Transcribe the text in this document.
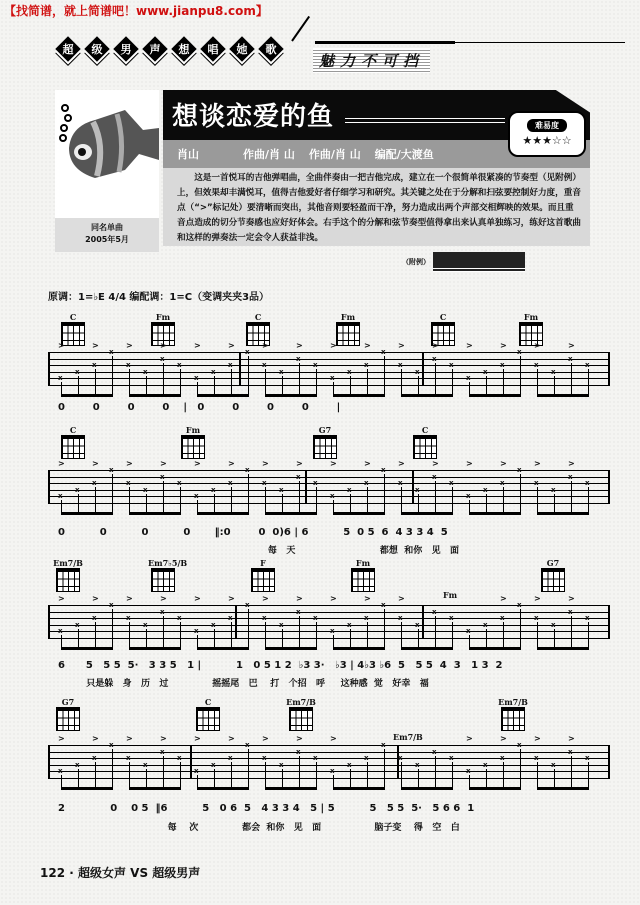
【找简谱，就上简谱吧！www.jianpu8.com】
超	级	男	声	想	唱	她	歌
魅力不可挡
同名单曲
2005年5月
想谈恋爱的鱼
肖山	作曲/肖 山 作曲/肖 山 编配/大渡鱼
难易度
★★★☆☆
这是一首悦耳的吉他弹唱曲，全曲伴奏由一把吉他完成，建立在一个很简单很紧凑的节奏型（见附例）上，但效果却丰满悦耳，值得吉他爱好者仔细学习和研究。其关键之处在于分解和扫弦要控制好力度，重音点（“>”标记处）要清晰而突出，其他音则要轻盈而干净，努力造成出两个声部交相辉映的效果。而且重音点造成的切分节奏感也应好好体会。右手这个的分解和弦节奏型值得拿出来认真单独练习，练好这首歌曲和这样的弹奏法一定会令人获益非浅。
（附例）
原调：1=♭E 4/4 编配调：1=C（变调夹夹3品）
C	Fm	C	Fm	C	Fm
x
>
x
x
>
x
x
>
x
x
>
x
x
>
x
x
>
x
x
>
x
x
>
x
x
>
x
x
>
x
x
>
x
x
>
x
x
>
x
x
>
x
x
>
x
x
>
x
0        0        0        0    |   0        0        0        0        |
C	Fm	G7	C
x
>
x
x
>
x
x
>
x
x
>
x
x
>
x
x
>
x
x
>
x
x
>
x
x
>
x
x
>
x
x
>
x
x
>
x
x
>
x
x
>
x
x
>
x
x
>
x
0          0          0          0       ‖:0        0  0)6 | 6          5  0 5  6  4 3 3 4  5
每   天                           都想  和你   见   面
Em7/B	Em7♭5/B	F	Fm	G7
Fm
x
>
x
x
>
x
x
>
x
x
>
x
x
>
x
x
>
x
x
>
x
x
>
x
x
>
x
x
>
x
x
>
x
x
x
x
x
x
>
x
x
>
x
x
>
x
6      5   5 5  5·   3 3 5   1 |          1   0 5 1 2  ♭3 3·   ♭3 | 4♭3 ♭6  5   5 5  4  3   1 3  2
只是躲   身   历   过              摇摇尾   巴    打   个招   呼     这种感  觉   好幸   福
G7	C	Em7/B	Em7/B
Em7/B
x
>
x
x
>
x
x
>
x
x
>
x
x
>
x
x
>
x
x
>
x
x
>
x
x
>
x
x
x
x
x
x
x
x
>
x
x
>
x
x
>
x
x
>
x
2             0    0 5  ‖6          5   0 6  5   4 3 3 4   5 | 5          5   5 5  5·   5 6 6  1
每    次              都会  和你   见   面                 脑子变    得   空   白
122 · 超级女声 VS 超级男声
